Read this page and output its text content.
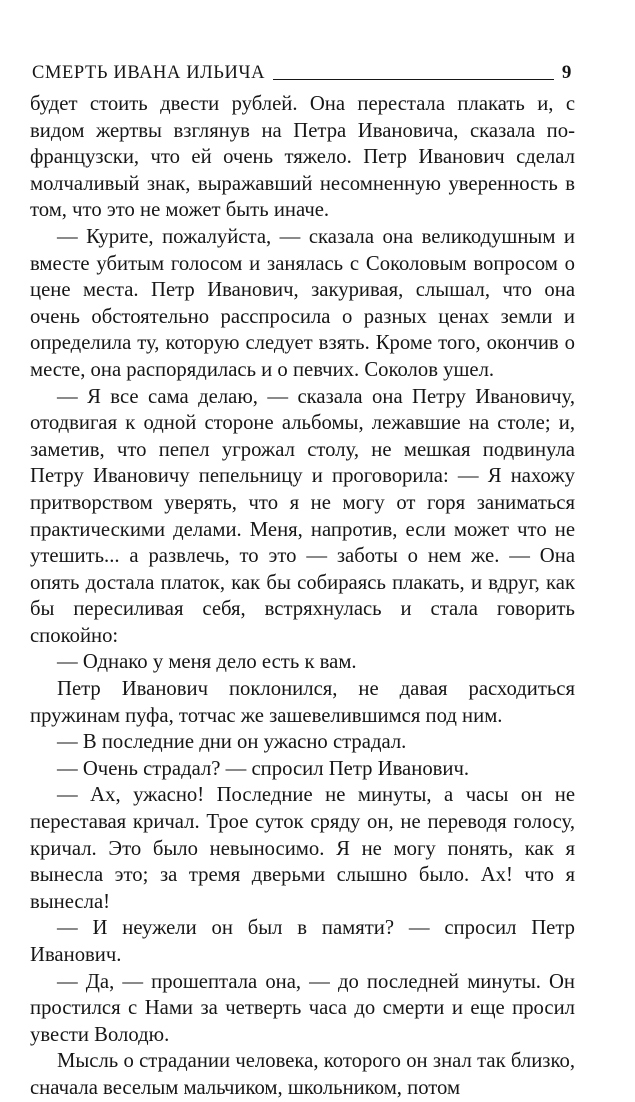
СМЕРТЬ ИВАНА ИЛЬИЧА	9

будет стоить двести рублей. Она перестала плакать и, с видом жертвы взглянув на Петра Ивановича, сказала по-французски, что ей очень тяжело. Петр Иванович сделал молчаливый знак, выражавший несомненную уверенность в том, что это не может быть иначе.

— Курите, пожалуйста, — сказала она великодушным и вместе убитым голосом и занялась с Соколовым вопросом о цене места. Петр Иванович, закуривая, слышал, что она очень обстоятельно расспросила о разных ценах земли и определила ту, которую следует взять. Кроме того, окончив о месте, она распорядилась и о певчих. Соколов ушел.

— Я все сама делаю, — сказала она Петру Ивановичу, отодвигая к одной стороне альбомы, лежавшие на столе; и, заметив, что пепел угрожал столу, не мешкая подвинула Петру Ивановичу пепельницу и проговорила: — Я нахожу притворством уверять, что я не могу от горя заниматься практическими делами. Меня, напротив, если может что не утешить... а развлечь, то это — заботы о нем же. — Она опять достала платок, как бы собираясь плакать, и вдруг, как бы пересиливая себя, встряхнулась и стала говорить спокойно:

— Однако у меня дело есть к вам.

Петр Иванович поклонился, не давая расходиться пружинам пуфа, тотчас же зашевелившимся под ним.

— В последние дни он ужасно страдал.

— Очень страдал? — спросил Петр Иванович.

— Ах, ужасно! Последние не минуты, а часы он не переставая кричал. Трое суток сряду он, не переводя голосу, кричал. Это было невыносимо. Я не могу понять, как я вынесла это; за тремя дверьми слышно было. Ах! что я вынесла!

— И неужели он был в памяти? — спросил Петр Иванович.

— Да, — прошептала она, — до последней минуты. Он простился с Нами за четверть часа до смерти и еще просил увести Володю.

Мысль о страдании человека, которого он знал так близко, сначала веселым мальчиком, школьником, потом
